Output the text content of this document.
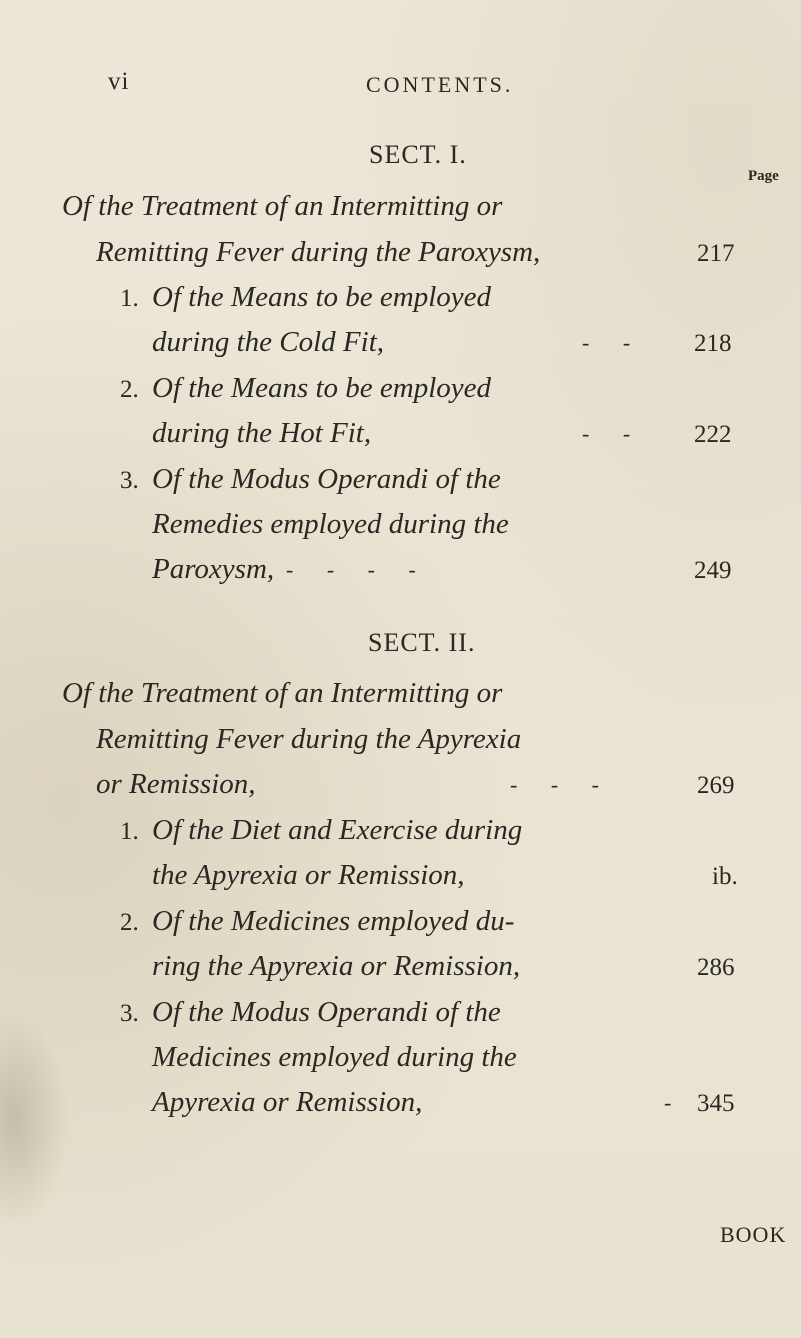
vi	CONTENTS.
SECT. I.
Page
Of the Treatment of an Intermitting or
Remitting Fever during the Paroxysm,	217
1. Of the Means to be employed
during the Cold Fit,	- - 218
2. Of the Means to be employed
during the Hot Fit,	- - 222
3. Of the Modus Operandi of the
Remedies employed during the
Paroxysm, - - - -	249
SECT. II.
Of the Treatment of an Intermitting or
Remitting Fever during the Apyrexia
or Remission,	- - -	269
1. Of the Diet and Exercise during
the Apyrexia or Remission,	ib.
2. Of the Medicines employed du-
ring the Apyrexia or Remission,	286
3. Of the Modus Operandi of the
Medicines employed during the
Apyrexia or Remission,	- 345
BOOK
